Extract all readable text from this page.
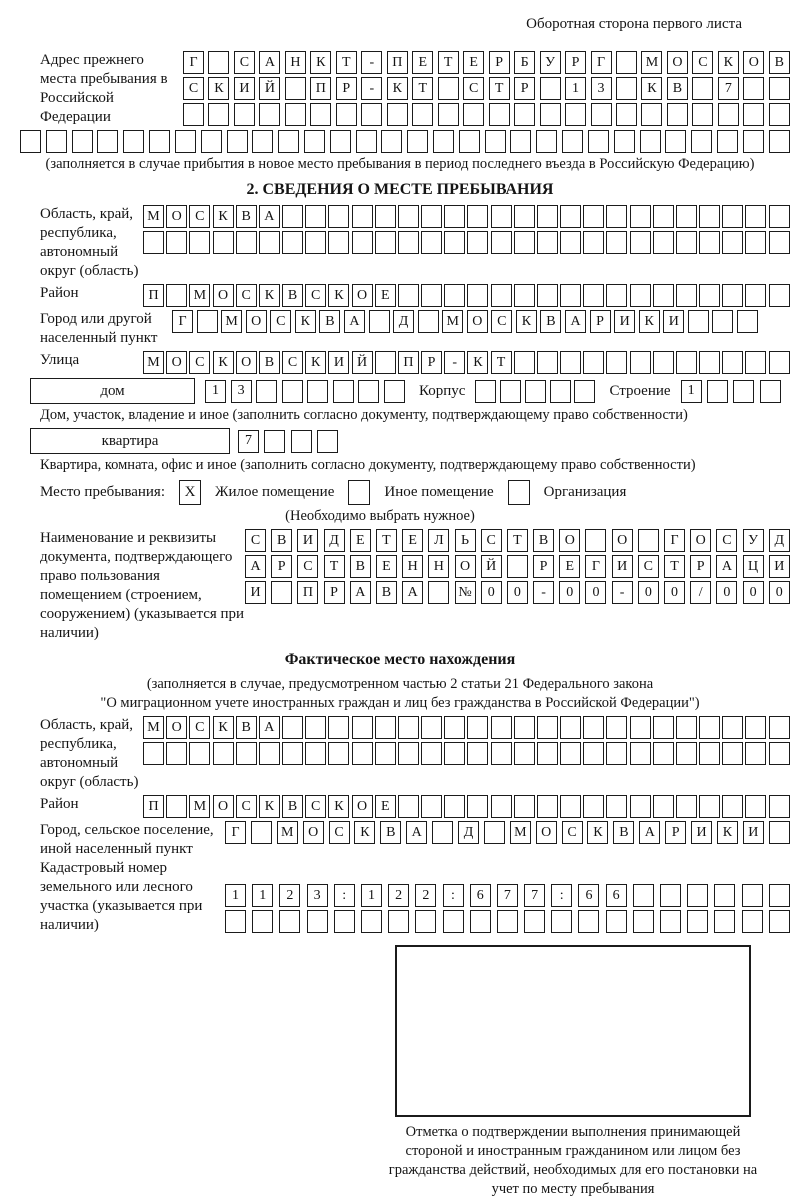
Оборотная сторона первого листа
Адрес прежнего места пребывания в Российской Федерации
Г	С	А	Н	К	Т	-	П	Е	Т	Е	Р	Б	У	Р	Г	М	О	С	К	О	В
С	К	И	Й	П	Р	-	К	Т	С	Т	Р	1	3	К	В	7
(заполняется в случае прибытия в новое место пребывания в период последнего въезда в Российскую Федерацию)
2. СВЕДЕНИЯ О МЕСТЕ ПРЕБЫВАНИЯ
Область, край, республика, автономный округ (область)
М О С К В А
Район	П	М О С К В С К О Е
Город или другой населенный пункт
Г	М О	С	К	В	А	Д	М О	С	К	В	А	Р	И	К	И
Улица	М О С К О В С К И Й	П	Р	-	К	Т
дом	1	3	Корпус	Строение	1
Дом, участок, владение и иное (заполнить согласно документу, подтверждающему право собственности)
квартира	7
Квартира, комната, офис и иное (заполнить согласно документу, подтверждающему право собственности)
Место пребывания:	X	Жилое помещение	Иное помещение	Организация
(Необходимо выбрать нужное)
Наименование и реквизиты документа, подтверждающего право пользования помещением (строением, сооружением) (указывается при наличии)
С	В	И	Д	Е	Т	Е	Л	Ь	С	Т	В	О	О	Г	О	С	У	Д
А	Р	С	Т	В	Е	Н	Н	О	Й	Р	Е	Г	И	С	Т	Р	А	Ц	И
И	П	Р	А	В	А	№	0	0	-	0	0	-	0	0	/	0	0	0
Фактическое место нахождения
(заполняется в случае, предусмотренном частью 2 статьи 21 Федерального закона
"О миграционном учете иностранных граждан и лиц без гражданства в Российской Федерации")
Область, край, республика, автономный округ (область)
М О С К В А
Район	П	М О С К В С К О Е
Город, сельское поселение, иной населенный пункт
Г	М	О	С	К	В	А	Д	М	О	С	К	В	А	Р	И	К	И
Кадастровый номер земельного или лесного участка (указывается при наличии)
1	1	2	3	:	1	2	2	:	6	7	7	:	6	6
Отметка о подтверждении выполнения принимающей стороной и иностранным гражданином или лицом без гражданства действий, необходимых для его постановки на учет по месту пребывания
